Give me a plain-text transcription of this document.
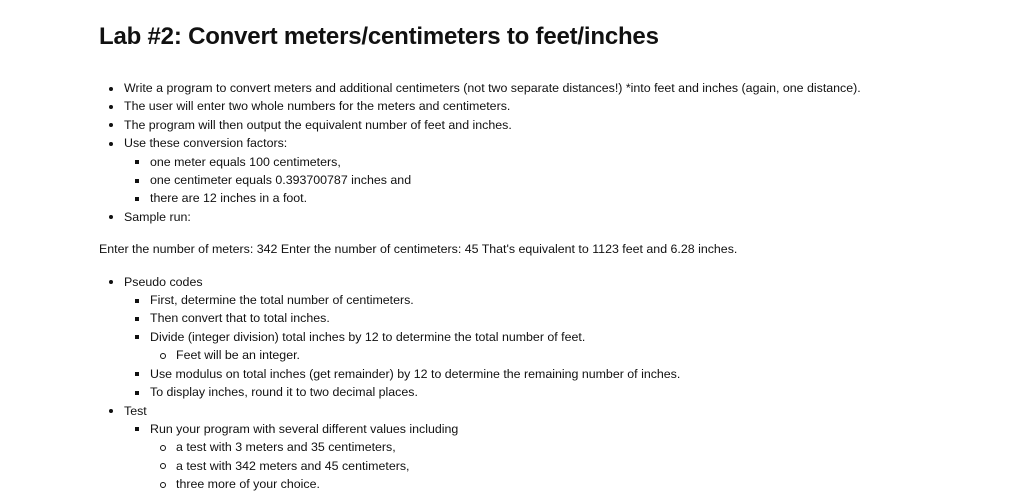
Lab #2: Convert meters/centimeters to feet/inches
Write a program to convert meters and additional centimeters (not two separate distances!) *into feet and inches (again, one distance).
The user will enter two whole numbers for the meters and centimeters.
The program will then output the equivalent number of feet and inches.
Use these conversion factors:
one meter equals 100 centimeters,
one centimeter equals 0.393700787 inches and
there are 12 inches in a foot.
Sample run:

Enter the number of meters: 342 Enter the number of centimeters: 45 That's equivalent to 1123 feet and 6.28 inches.

Pseudo codes
First, determine the total number of centimeters.
Then convert that to total inches.
Divide (integer division) total inches by 12 to determine the total number of feet.
Feet will be an integer.
Use modulus on total inches (get remainder) by 12 to determine the remaining number of inches.
To display inches, round it to two decimal places.
Test
Run your program with several different values including
a test with 3 meters and 35 centimeters,
a test with 342 meters and 45 centimeters,
three more of your choice.
